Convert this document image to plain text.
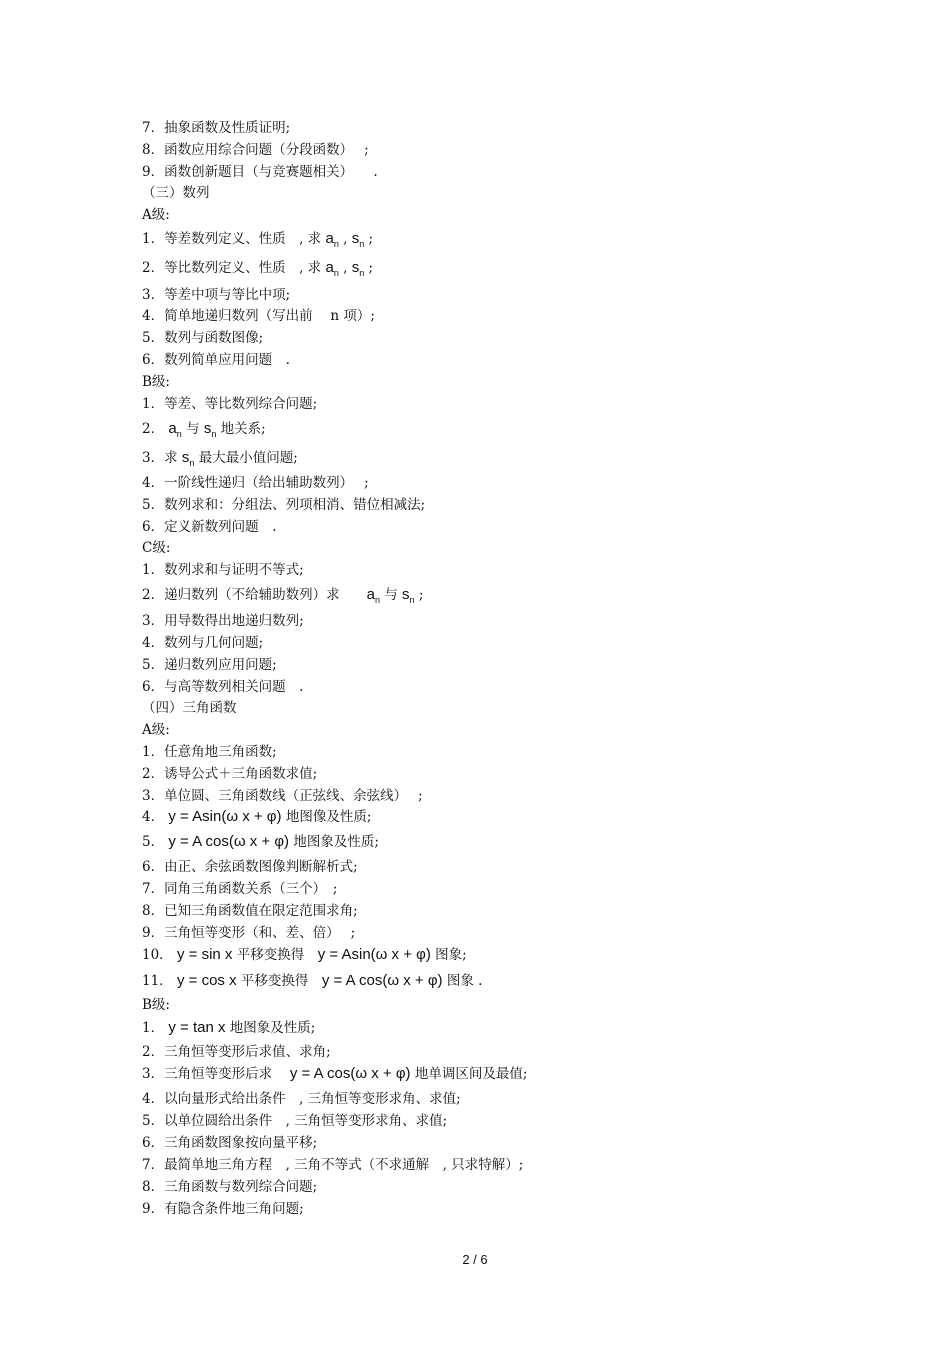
7．抽象函数及性质证明;
8．函数应用综合问题（分段函数）　 ;
9．函数创新题目（与竞赛题相关）　　.
（三）数列
A级:
1．等差数列定义、性质　, 求 $a_n$ , $s_n$ ;
2．等比数列定义、性质　, 求 $a_n$ , $s_n$ ;
3．等差中项与等比中项;
4．简单地递归数列（写出前　 n 项）;
5．数列与函数图像;
6．数列简单应用问题　.
B级:
1．等差、等比数列综合问题;
2． $a_n$ 与 $s_n$ 地关系;
3．求 $s_n$ 最大最小值问题;
4．一阶线性递归（给出辅助数列）　 ;
5．数列求和：分组法、列项相消、错位相减法;
6．定义新数列问题　.
C级:
1．数列求和与证明不等式;
2．递归数列（不给辅助数列）求　　$a_n$ 与 $s_n$ ;
3．用导数得出地递归数列;
4．数列与几何问题;
5．递归数列应用问题;
6．与高等数列相关问题　.
（四）三角函数
A级:
1．任意角地三角函数;
2．诱导公式＋三角函数求值;
3．单位圆、三角函数线（正弦线、余弦线）　 ;
4． y = Asin(ω x + φ) 地图像及性质;
5． y = A cos(ω x + φ) 地图象及性质;
6．由正、余弦函数图像判断解析式;
7．同角三角函数关系（三个）　;
8．已知三角函数值在限定范围求角;
9．三角恒等变形（和、差、倍）　 ;
10． y = sin x 平移变换得　y = Asin(ω x + φ) 图象;
11． y = cos x 平移变换得　y = A cos(ω x + φ) 图象 .
B级:
1． y = tan x 地图象及性质;
2．三角恒等变形后求值、求角;
3．三角恒等变形后求　 y = A cos(ω x + φ) 地单调区间及最值;
4．以向量形式给出条件　, 三角恒等变形求角、求值;
5．以单位圆给出条件　, 三角恒等变形求角、求值;
6．三角函数图象按向量平移;
7．最简单地三角方程　, 三角不等式（不求通解　, 只求特解）;
8．三角函数与数列综合问题;
9．有隐含条件地三角问题;
2 / 6
